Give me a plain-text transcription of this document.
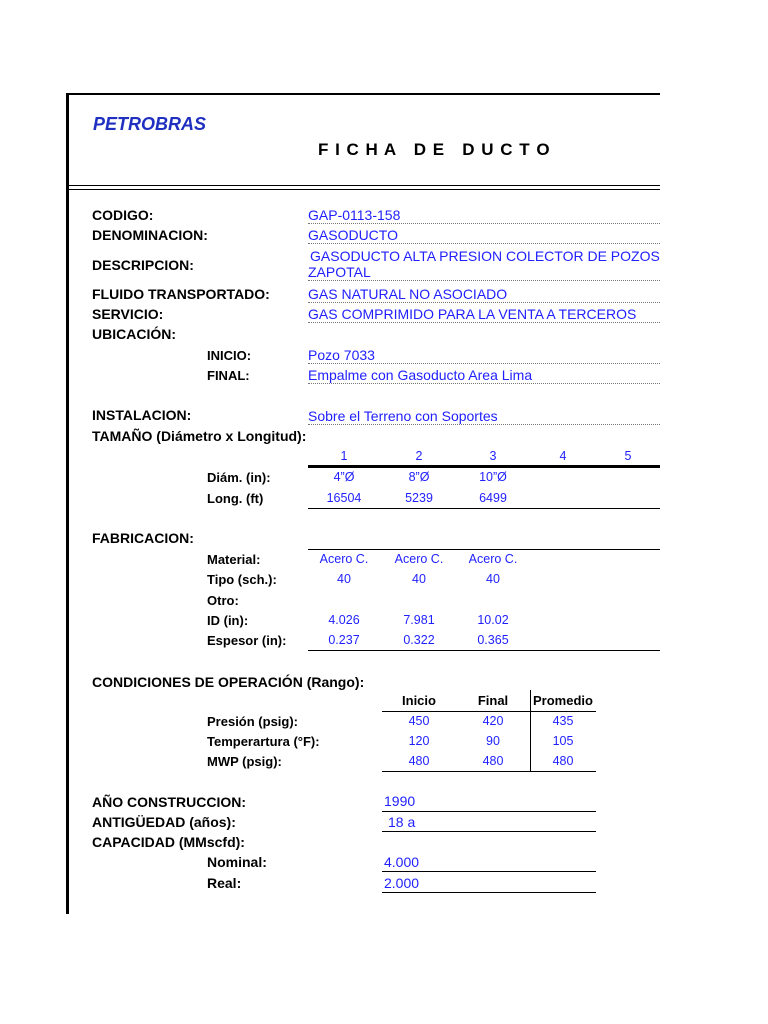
PETROBRAS
F I C H A   D E   D U C T O
CODIGO:	GAP-0113-158
DENOMINACION:	GASODUCTO
DESCRIPCION:
GASODUCTO ALTA PRESION COLECTOR DE POZOS
ZAPOTAL
FLUIDO TRANSPORTADO:	GAS NATURAL NO ASOCIADO
SERVICIO:	GAS COMPRIMIDO PARA LA VENTA A TERCEROS
UBICACIÓN:
INICIO:	Pozo 7033
FINAL:	Empalme con Gasoducto Area Lima
INSTALACION:	Sobre el Terreno con Soportes
TAMAÑO (Diámetro x Longitud):
1	2	3	4	5
Diám. (in):	4”Ø	8”Ø	10”Ø
Long. (ft)	16504	5239	6499
FABRICACION:
Material:	Acero C.	Acero C.	Acero C.
Tipo (sch.):	40	40	40
Otro:
ID (in):	4.026	7.981	10.02
Espesor (in):	0.237	0.322	0.365
CONDICIONES DE OPERACIÓN (Rango):
Inicio	Final	Promedio
Presión (psig):	450	420	435
Temperartura (°F):	120	90	105
MWP (psig):	480	480	480
AÑO CONSTRUCCION:	1990
ANTIGÜEDAD (años):	18 a
CAPACIDAD (MMscfd):
Nominal:	4.000
Real:	2.000
